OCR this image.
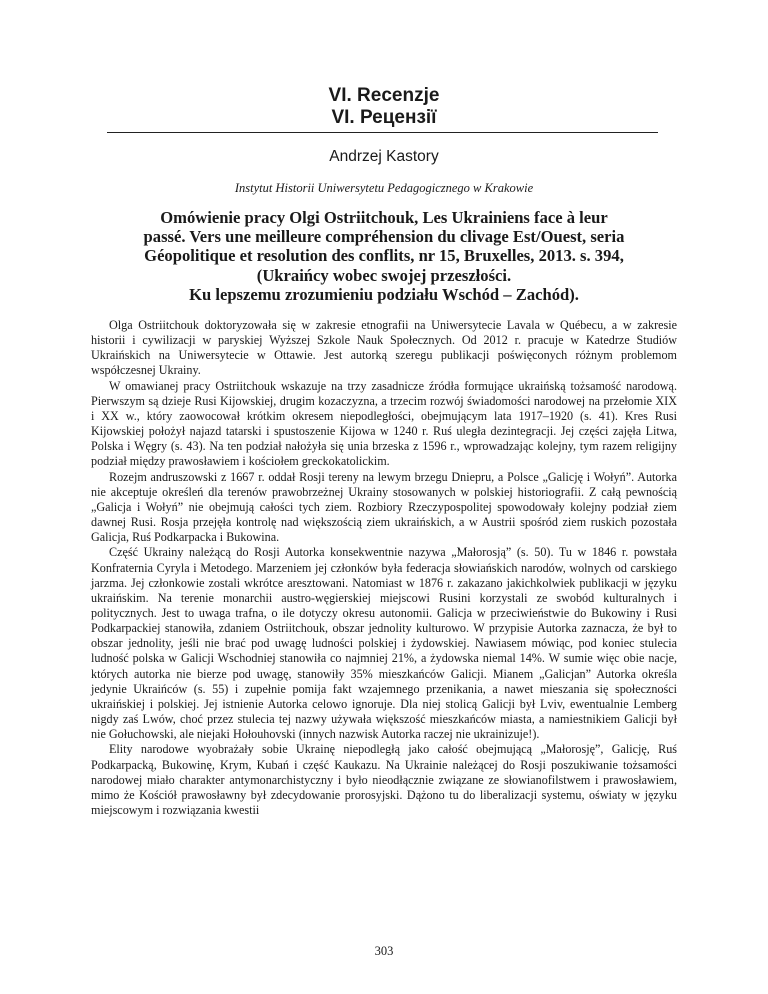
VI. Recenzje
VI. Рецензії
Andrzej Kastory
Instytut Historii Uniwersytetu Pedagogicznego w Krakowie
Omówienie pracy Olgi Ostriitchouk, Les Ukrainiens face à leur
passé. Vers une meilleure compréhension du clivage Est/Ouest, seria
Géopolitique et resolution des conflits, nr 15, Bruxelles, 2013. s. 394,
(Ukraińcy wobec swojej przeszłości.
Ku lepszemu zrozumieniu podziału Wschód – Zachód).

Olga Ostriitchouk doktoryzowała się w zakresie etnografii na Uniwersytecie Lavala w Québecu, a w zakresie historii i cywilizacji w paryskiej Wyższej Szkole Nauk Społecznych. Od 2012 r. pracuje w Katedrze Studiów Ukraińskich na Uniwersytecie w Ottawie. Jest autorką szeregu publikacji poświęconych różnym problemom współczesnej Ukrainy.

W omawianej pracy Ostriitchouk wskazuje na trzy zasadnicze źródła formujące ukraińską tożsamość narodową. Pierwszym są dzieje Rusi Kijowskiej, drugim kozaczyzna, a trzecim rozwój świadomości narodowej na przełomie XIX i XX w., który zaowocował krótkim okresem niepodległości, obejmującym lata 1917–1920 (s. 41). Kres Rusi Kijowskiej położył najazd tatarski i spustoszenie Kijowa w 1240 r. Ruś uległa dezintegracji. Jej części zajęła Litwa, Polska i Węgry (s. 43). Na ten podział nałożyła się unia brzeska z 1596 r., wprowadzając kolejny, tym razem religijny podział między prawosławiem i kościołem greckokatolickim.

Rozejm andruszowski z 1667 r. oddał Rosji tereny na lewym brzegu Dniepru, a Polsce „Galicję i Wołyń”. Autorka nie akceptuje określeń dla terenów prawobrzeżnej Ukrainy stosowanych w polskiej historiografii. Z całą pewnością „Galicja i Wołyń” nie obejmują całości tych ziem. Rozbiory Rzeczypospolitej spowodowały kolejny podział ziem dawnej Rusi. Rosja przejęła kontrolę nad większością ziem ukraińskich, a w Austrii spośród ziem ruskich pozostała Galicja, Ruś Podkarpacka i Bukowina.

Część Ukrainy należącą do Rosji Autorka konsekwentnie nazywa „Małorosją” (s. 50). Tu w 1846 r. powstała Konfraternia Cyryla i Metodego. Marzeniem jej członków była federacja słowiańskich narodów, wolnych od carskiego jarzma. Jej członkowie zostali wkrótce aresztowani. Natomiast w 1876 r. zakazano jakichkolwiek publikacji w języku ukraińskim. Na terenie monarchii austro-węgierskiej miejscowi Rusini korzystali ze swobód kulturalnych i politycznych. Jest to uwaga trafna, o ile dotyczy okresu autonomii. Galicja w przeciwieństwie do Bukowiny i Rusi Podkarpackiej stanowiła, zdaniem Ostriitchouk, obszar jednolity kulturowo. W przypisie Autorka zaznacza, że był to obszar jednolity, jeśli nie brać pod uwagę ludności polskiej i żydowskiej. Nawiasem mówiąc, pod koniec stulecia ludność polska w Galicji Wschodniej stanowiła co najmniej 21%, a żydowska niemal 14%. W sumie więc obie nacje, których autorka nie bierze pod uwagę, stanowiły 35% mieszkańców Galicji. Mianem „Galicjan” Autorka określa jedynie Ukraińców (s. 55) i zupełnie pomija fakt wzajemnego przenikania, a nawet mieszania się społeczności ukraińskiej i polskiej. Jej istnienie Autorka celowo ignoruje. Dla niej stolicą Galicji był Lviv, ewentualnie Lemberg nigdy zaś Lwów, choć przez stulecia tej nazwy używała większość mieszkańców miasta, a namiestnikiem Galicji był nie Gołuchowski, ale niejaki Hołouhovski (innych nazwisk Autorka raczej nie ukrainizuje!).

Elity narodowe wyobrażały sobie Ukrainę niepodległą jako całość obejmującą „Małorosję”, Galicję, Ruś Podkarpacką, Bukowinę, Krym, Kubań i część Kaukazu. Na Ukrainie należącej do Rosji poszukiwanie tożsamości narodowej miało charakter antymonarchistyczny i było nieodłącznie związane ze słowianofilstwem i prawosławiem, mimo że Kościół prawosławny był zdecydowanie prorosyjski. Dążono tu do liberalizacji systemu, oświaty w języku miejscowym i rozwiązania kwestii

303
